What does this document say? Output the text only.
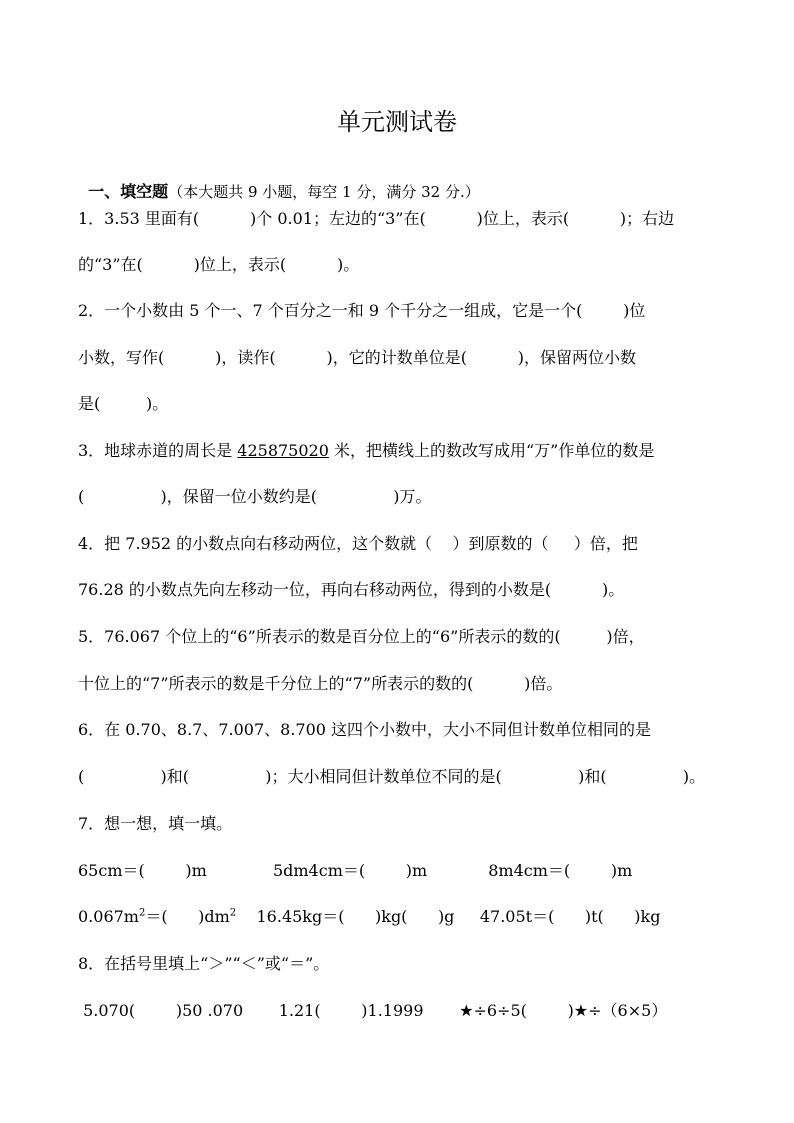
单元测试卷

一、填空题（本大题共 9 小题，每空 1 分，满分 32 分.）

1．3.53 里面有(          )个 0.01；左边的“3”在(          )位上，表示(          )；右边
的“3”在(          )位上，表示(          )。
2．一个小数由 5 个一、7 个百分之一和 9 个千分之一组成，它是一个(        )位
小数，写作(          )，读作(          )，它的计数单位是(          )，保留两位小数
是(         )。
3．地球赤道的周长是 425875020 米，把横线上的数改写成用“万”作单位的数是
(               )，保留一位小数约是(               )万。
4．把 7.952 的小数点向右移动两位，这个数就（    ）到原数的（     ）倍，把
76.28 的小数点先向左移动一位，再向右移动两位，得到的小数是(          )。
5．76.067 个位上的“6”所表示的数是百分位上的“6”所表示的数的(         )倍，
十位上的“7”所表示的数是千分位上的“7”所表示的数的(          )倍。
6．在 0.70、8.7、7.007、8.700 这四个小数中，大小不同但计数单位相同的是
(               )和(               )；大小相同但计数单位不同的是(               )和(               )。
7．想一想，填一填。
65cm＝(        )m             5dm4cm＝(        )m            8m4cm＝(        )m
$0.067m^2=$(      )$dm^2$    16.45kg＝(      )kg(      )g     47.05t＝(      )t(      )kg
8．在括号里填上“＞”“＜”或“＝”。
5.070(        )50 .070       1.21(        )1.1999       ★÷6÷5(        )★÷（6×5）
